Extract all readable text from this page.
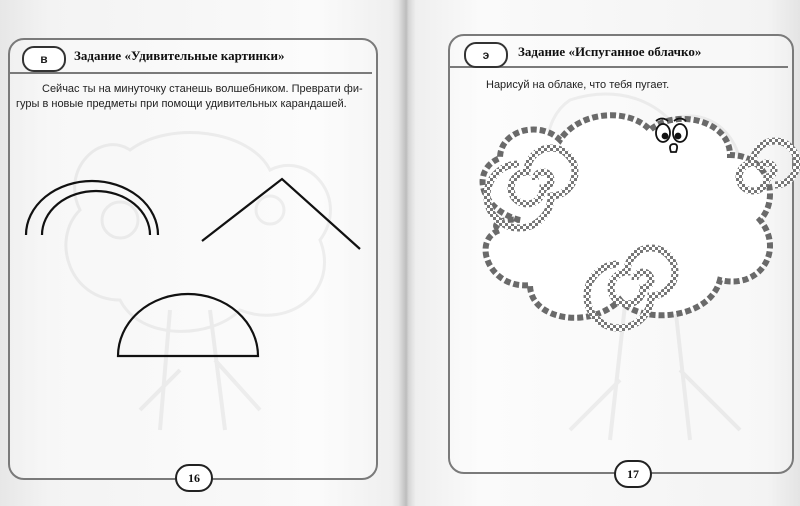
в	Задание «Удивительные картинки»
Сейчас ты на минуточку станешь волшебником. Преврати фи-
гуры в новые предметы при помощи удивительных карандашей.
16
э	Задание «Испуганное облачко»
Нарисуй на облаке, что тебя пугает.
17
